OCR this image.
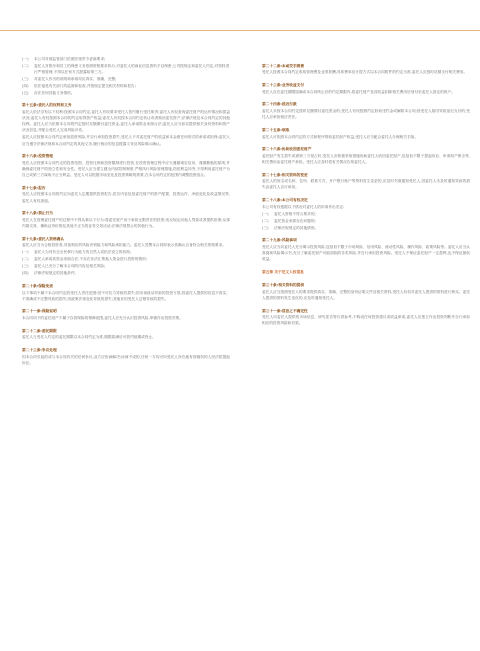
(一)	本公司对被监管部门依照法规责令更新要求;
(二)	委托人对股东和员工的保密义务依照资格要求执行,对委托人的商业信息资料予以保密,公司按规定和委托人约定,对资料进行严格管理,不得以任何方式泄露给第三方。
(三)	对委托人作出的说明和承诺均应真实、准确、完整;
(四)	依法接受有关部门的监督和检查,并按规定提交相关材料和报告;
(五)	存在任何其他义务情形。
第十五条:委托人的权利和义务
委托人依法享有以下权利:按照本合同约定,委托人有权要求受托人依约履行受托职责;委托人有权查询委托财产的运作情况和损益状况;委托人有权按照本合同的约定取得资产收益;委托人有权按本合同约定转让或者赎回委托资产;法律法规及本合同约定的其他权利。委托人应当依照本合同的约定按时足额缴付委托资金,委托人承诺资金来源合法;委托人应当如实提供相关身份资料和资产状况信息,并配合受托人完成风险评估。
委托人应按照本合同约定承担投资风险,并自行承担投资损失,受托人不对委托财产的收益和本金做任何形式的承诺或担保;委托人应当遵守法律法规和本合同约定的其他义务,履行相应的信息披露义务及风险揭示确认。
第十六条:投资管理
受托人应按照本合同约定的投资范围、投资比例和投资限制进行投资,在投资管理过程中应当遵循诚实信用、谨慎勤勉的原则,并确保委托财产的独立性和安全性。受托人应当建立健全内部控制制度,严格执行风险管理措施,防范利益冲突,不得利用委托财产为自己或第三方谋取不正当利益。受托人可以根据市场变化及投资策略的需要,在本合同约定的范围内调整投资组合。
第十七条:报告
受托人应按照本合同的约定向委托人定期提供投资报告,报告内容包括委托财产的资产配置、投资运作、净值变化及收益情况等,委托人有权查阅。
第十八条:禁止行为
受托人在管理委托财产的过程中不得从事以下行为:将委托财产用于承担无限责任的投资;违反规定向他人贷款或者提供担保;从事内幕交易、操纵证券价格及其他不正当的证券交易活动;法律法规禁止的其他行为。
第十九条:委托人资格确认
委托人应当为合格投资者,具备相应的风险识别能力和风险承担能力。委托人签署本合同即表示其确认自身符合相关资格要求。
(一)	委托人为具有完全民事行为能力的自然人或依法设立的机构;
(二)	委托人承诺其资金来源合法,不存在非法汇集他人资金进行投资的情形;
(三)	委托人已充分了解本合同的内容及相关风险;
(四)	法律法规规定的其他条件。
第二十条:保险免责
以下事项不属于本合同约定的受托人责任范围:因不可抗力导致的损失;因市场波动导致的投资亏损;因委托人提供的信息不真实、不准确或不完整导致的损失;因政策法规变化导致的损失;其他非因受托人过错导致的损失。
第二十一条:保险说明
本合同项下的委托财产不属于存款保险的保障范围,委托人应充分认识投资风险,审慎作出投资决策。
第二十二条:委托期限
委托人与受托人约定的委托期限以本合同约定为准,期限届满后可依约续期或终止。
第二十三条:争议处理
因本合同引起的或与本合同有关的任何争议,双方应协商解决;协商不成的,任何一方均可向受托人所在地有管辖权的人民法院提起诉讼。
第二十二条:本或交手续费
受托人按照本合同约定收取管理费及业绩报酬,具体费率及计提方式以本合同附件的约定为准,委托人应按时足额支付相关费用。
第二十三条:业务收益支付
受托人应在委托期限届满或本合同终止后的约定期限内,将委托财产及其收益扣除相关费用后划付至委托人指定的账户。
第二十四条:延迟付款
委托人未按本合同约定按时足额缴付委托资金的,受托人有权按照约定收取违约金或解除本合同;因受托人原因导致延迟支付的,受托人应承担相应责任。
第二十五条:领取
委托人可依照本合同约定的方式和程序领取委托财产收益,受托人应当配合委托人办理相关手续。
第二十六条:协助收回委托财产
委托财产发生损失或被第三方侵占时,受托人应积极采取措施协助委托人收回委托财产,包括但不限于提起诉讼、申请财产保全等,相关费用由委托财产承担。受托人应及时将有关情况告知委托人。
第二十七条:相关资料的变更
委托人的姓名或名称、住所、联系方式、开户银行账户等资料发生变更的,应及时书面通知受托人,因委托人未及时通知导致的损失由委托人自行承担。
第二十八条:本公司有权决定
本公司有权根据以下情况对委托人的申请作出决定:
(一)	委托人资格不符合要求的;
(二)	委托资金来源存在问题的;
(三)	法律法规规定的其他情形。
第二十九条:风险事项
受托人应当向委托人充分揭示投资风险,包括但不限于市场风险、信用风险、流动性风险、操作风险、政策风险等。委托人应当认真阅读风险揭示书,充分了解委托财产可能面临的各类风险,并自行承担投资风险。受托人不保证委托财产一定盈利,也不保证最低收益。
第五章 关于定义人权信息
第三十条:相关资料的提供
委托人应当按照受托人的要求提供真实、准确、完整的身份证明文件及相关资料,受托人有权对委托人提供的资料进行核实。委托人提供的资料发生变化的,应及时通知受托人。
第三十一条:信息之不确定性
受托人向委托人提供的市场信息、研究报告等仅供参考,不构成任何投资建议或收益承诺,委托人应独立作出投资判断并自行承担相应的投资风险和后果。
